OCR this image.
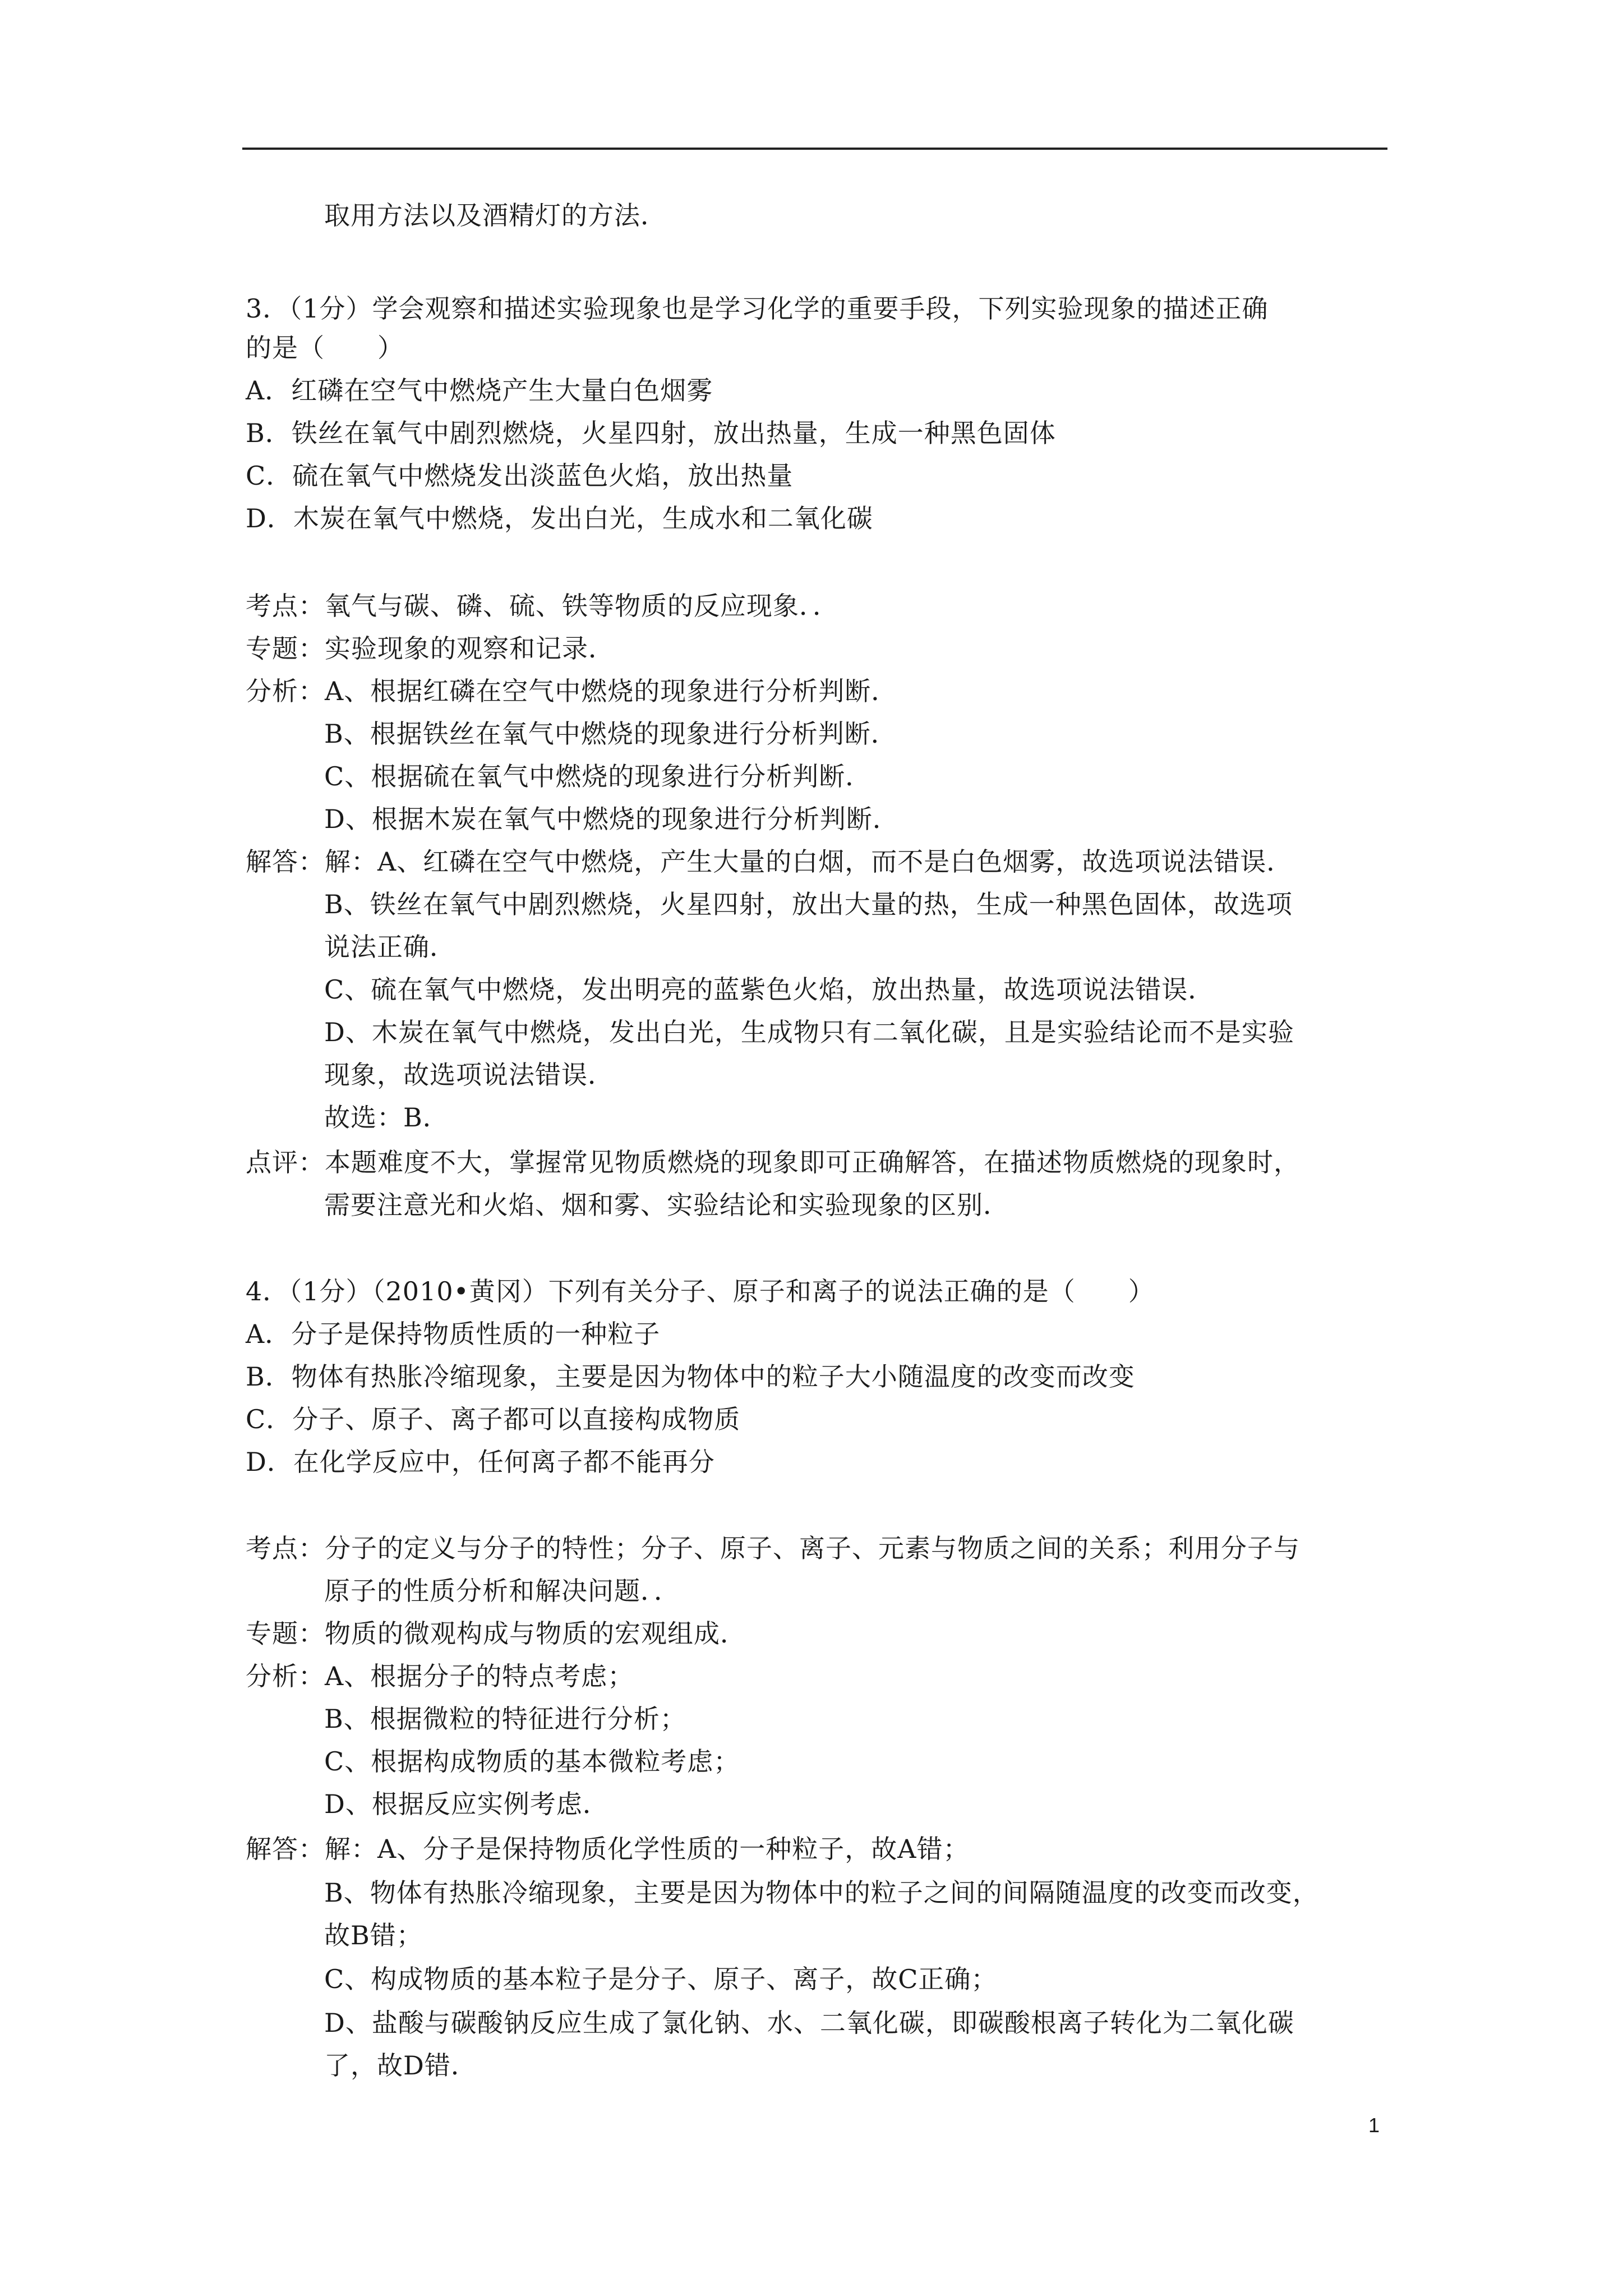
取用方法以及酒精灯的方法．
3．（1分）学会观察和描述实验现象也是学习化学的重要手段，下列实验现象的描述正确
的是（　　）
A．红磷在空气中燃烧产生大量白色烟雾
B．铁丝在氧气中剧烈燃烧，火星四射，放出热量，生成一种黑色固体
C．硫在氧气中燃烧发出淡蓝色火焰，放出热量
D．木炭在氧气中燃烧，发出白光，生成水和二氧化碳
考点：氧气与碳、磷、硫、铁等物质的反应现象．．
专题：实验现象的观察和记录．
分析：A、根据红磷在空气中燃烧的现象进行分析判断．
B、根据铁丝在氧气中燃烧的现象进行分析判断．
C、根据硫在氧气中燃烧的现象进行分析判断．
D、根据木炭在氧气中燃烧的现象进行分析判断．
解答：解：A、红磷在空气中燃烧，产生大量的白烟，而不是白色烟雾，故选项说法错误．
B、铁丝在氧气中剧烈燃烧，火星四射，放出大量的热，生成一种黑色固体，故选项
说法正确．
C、硫在氧气中燃烧，发出明亮的蓝紫色火焰，放出热量，故选项说法错误．
D、木炭在氧气中燃烧，发出白光，生成物只有二氧化碳，且是实验结论而不是实验
现象，故选项说法错误．
故选：B．
点评：本题难度不大，掌握常见物质燃烧的现象即可正确解答，在描述物质燃烧的现象时，
需要注意光和火焰、烟和雾、实验结论和实验现象的区别．
4．（1分）（2010•黄冈）下列有关分子、原子和离子的说法正确的是（　　）
A．分子是保持物质性质的一种粒子
B．物体有热胀冷缩现象，主要是因为物体中的粒子大小随温度的改变而改变
C．分子、原子、离子都可以直接构成物质
D．在化学反应中，任何离子都不能再分
考点：分子的定义与分子的特性；分子、原子、离子、元素与物质之间的关系；利用分子与
原子的性质分析和解决问题．．
专题：物质的微观构成与物质的宏观组成．
分析：A、根据分子的特点考虑；
B、根据微粒的特征进行分析；
C、根据构成物质的基本微粒考虑；
D、根据反应实例考虑．
解答：解：A、分子是保持物质化学性质的一种粒子，故A错；
B、物体有热胀冷缩现象，主要是因为物体中的粒子之间的间隔随温度的改变而改变，
故B错；
C、构成物质的基本粒子是分子、原子、离子，故C正确；
D、盐酸与碳酸钠反应生成了氯化钠、水、二氧化碳，即碳酸根离子转化为二氧化碳
了，故D错．
1
